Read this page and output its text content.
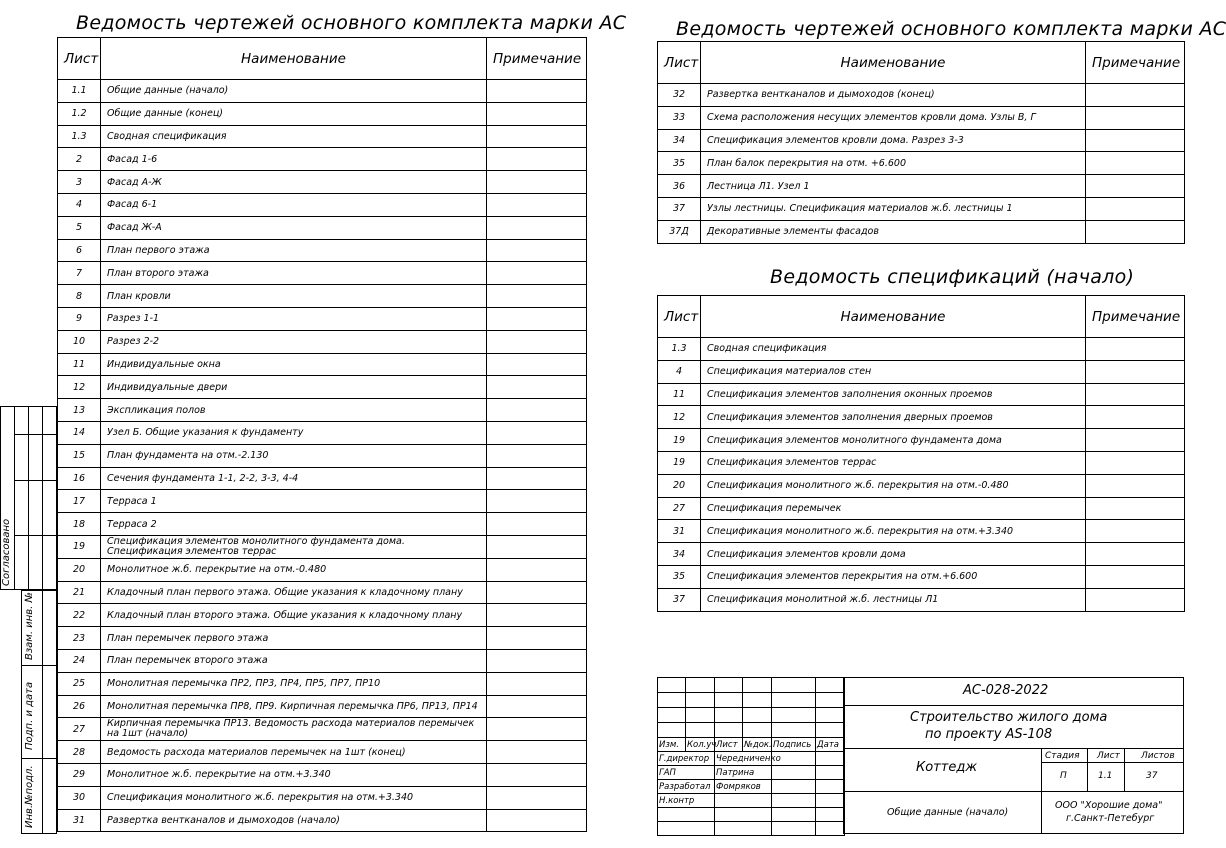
Ведомость чертежей основного комплекта марки АС
Лист	Наименование	Примечание
1.1	Общие данные (начало)	
1.2	Общие данные (конец)	
1.3	Сводная спецификация	
2	Фасад 1-6	
3	Фасад А-Ж	
4	Фасад 6-1	
5	Фасад Ж-А	
6	План первого этажа	
7	План второго этажа	
8	План кровли	
9	Разрез 1-1	
10	Разрез 2-2	
11	Индивидуальные окна	
12	Индивидуальные двери	
13	Экспликация полов	
14	Узел Б. Общие указания к фундаменту	
15	План фундамента на отм.-2.130	
16	Сечения фундамента 1-1, 2-2, 3-3, 4-4	
17	Терраса 1	
18	Терраса 2	
19	Спецификация элементов монолитного фундамента дома. Спецификация элементов террас	
20	Монолитное ж.б. перекрытие на отм.-0.480	
21	Кладочный план первого этажа. Общие указания к кладочному плану	
22	Кладочный план второго этажа. Общие указания к кладочному плану	
23	План перемычек первого этажа	
24	План перемычек второго этажа	
25	Монолитная перемычка ПР2, ПР3, ПР4, ПР5, ПР7, ПР10	
26	Монолитная перемычка ПР8, ПР9. Кирпичная перемычка ПР6, ПР13, ПР14	
27	Кирпичная перемычка ПР13. Ведомость расхода материалов перемычек на 1шт (начало)	
28	Ведомость расхода материалов перемычек на 1шт (конец)	
29	Монолитное ж.б. перекрытие на отм.+3.340	
30	Спецификация монолитного ж.б. перекрытия на отм.+3.340	
31	Развертка вентканалов и дымоходов (начало)	
Ведомость чертежей основного комплекта марки АС
Лист	Наименование	Примечание
32	Развертка вентканалов и дымоходов (конец)	
33	Схема расположения несущих элементов кровли дома. Узлы В, Г	
34	Спецификация элементов кровли дома. Разрез 3-3	
35	План балок перекрытия на отм. +6.600	
36	Лестница Л1. Узел 1	
37	Узлы лестницы. Спецификация материалов ж.б. лестницы 1	
37Д	Декоративные элементы фасадов	
Ведомость спецификаций (начало)
Лист	Наименование	Примечание
1.3	Сводная спецификация	
4	Спецификация материалов стен	
11	Спецификация элементов заполнения оконных проемов	
12	Спецификация элементов заполнения дверных проемов	
19	Спецификация элементов монолитного фундамента дома	
19	Спецификация элементов террас	
20	Спецификация монолитного ж.б. перекрытия на отм.-0.480	
27	Спецификация перемычек	
31	Спецификация монолитного ж.б. перекрытия на отм.+3.340	
34	Спецификация элементов кровли дома	
35	Спецификация элементов перекрытия на отм.+6.600	
37	Спецификация монолитной ж.б. лестницы Л1	
Согласовано
Взам. инв. №
Подп. и дата
Инв.№подл.

Изм.	Кол.уч	Лист	№док.	Подпись	Дата
Г.директор		Чередниченко			
ГАП		Патрина			
Разработал		Фомряков			
Н.контр					

АС-028-2022
Строительство жилого дома
по проекту AS-108
Коттедж
Стадия Лист Листов
П	1.1	37
Общие данные (начало)
ООО "Хорошие дома"
г.Санкт-Петебург
